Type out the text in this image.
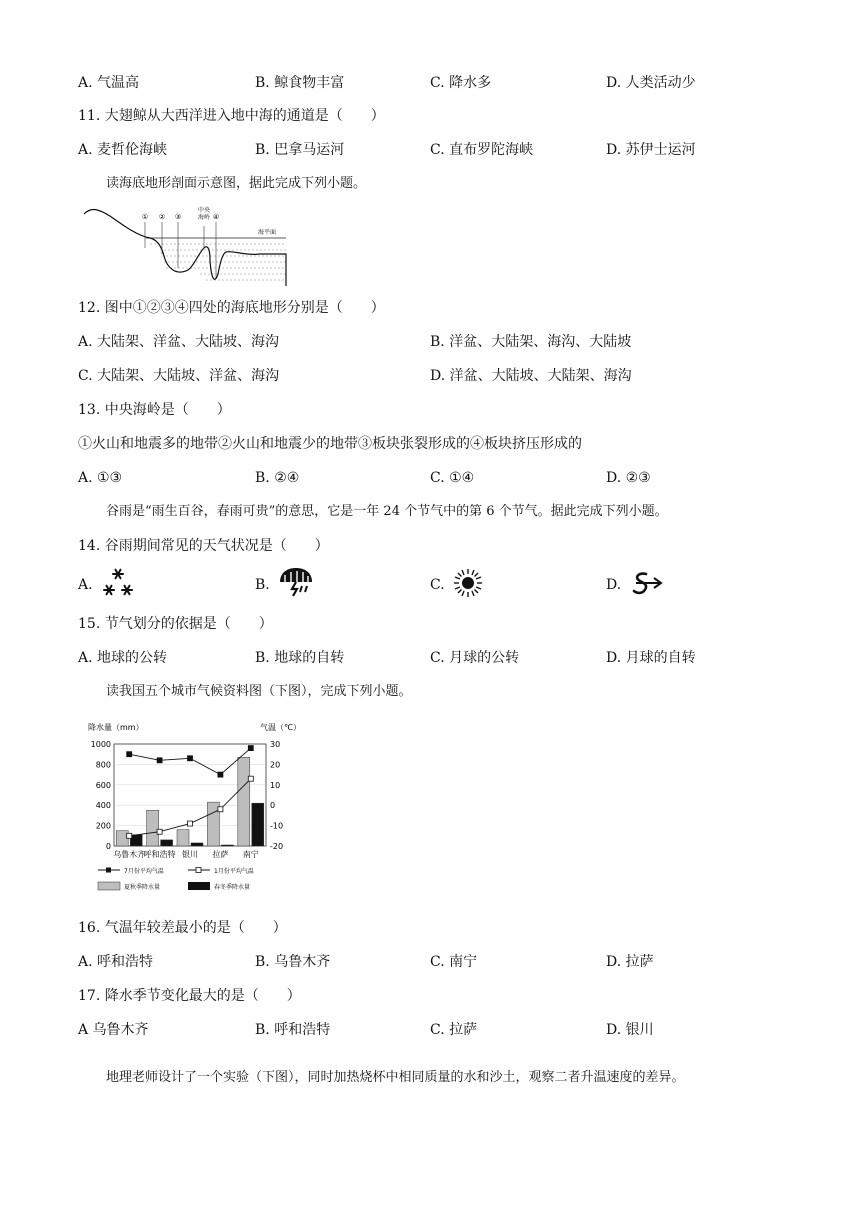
A. 气温高	B. 鲸食物丰富	C. 降水多	D. 人类活动少
11. 大翅鲸从大西洋进入地中海的通道是（　　）
A. 麦哲伦海峡	B. 巴拿马运河	C. 直布罗陀海峡	D. 苏伊士运河
读海底地形剖面示意图，据此完成下列小题。
① ② ③
中央
海岭 ④
海平面
12. 图中①②③④四处的海底地形分别是（　　）
A. 大陆架、洋盆、大陆坡、海沟	B. 洋盆、大陆架、海沟、大陆坡
C. 大陆架、大陆坡、洋盆、海沟	D. 洋盆、大陆坡、大陆架、海沟
13. 中央海岭是（　　）
①火山和地震多的地带②火山和地震少的地带③板块张裂形成的④板块挤压形成的
A. ①③	B. ②④	C. ①④	D. ②③
谷雨是“雨生百谷，春雨可贵”的意思，它是一年 24 个节气中的第 6 个节气。据此完成下列小题。
14. 谷雨期间常见的天气状况是（　　）
A.	B.	C.	D.
15. 节气划分的依据是（　　）
A. 地球的公转	B. 地球的自转	C. 月球的公转	D. 月球的自转
读我国五个城市气候资料图（下图），完成下列小题。
降水量（mm）	气温（℃）
1000
800
600
400
200
0
30
20
10
0
-10
-20
乌鲁木齐
呼和浩特 银川 拉萨 南宁
7月份平均气温	1月份平均气温
夏秋季降水量	春冬季降水量
16. 气温年较差最小的是（　　）
A. 呼和浩特	B. 乌鲁木齐	C. 南宁	D. 拉萨
17. 降水季节变化最大的是（　　）
A 乌鲁木齐	B. 呼和浩特	C. 拉萨	D. 银川
地理老师设计了一个实验（下图），同时加热烧杯中相同质量的水和沙土，观察二者升温速度的差异。
